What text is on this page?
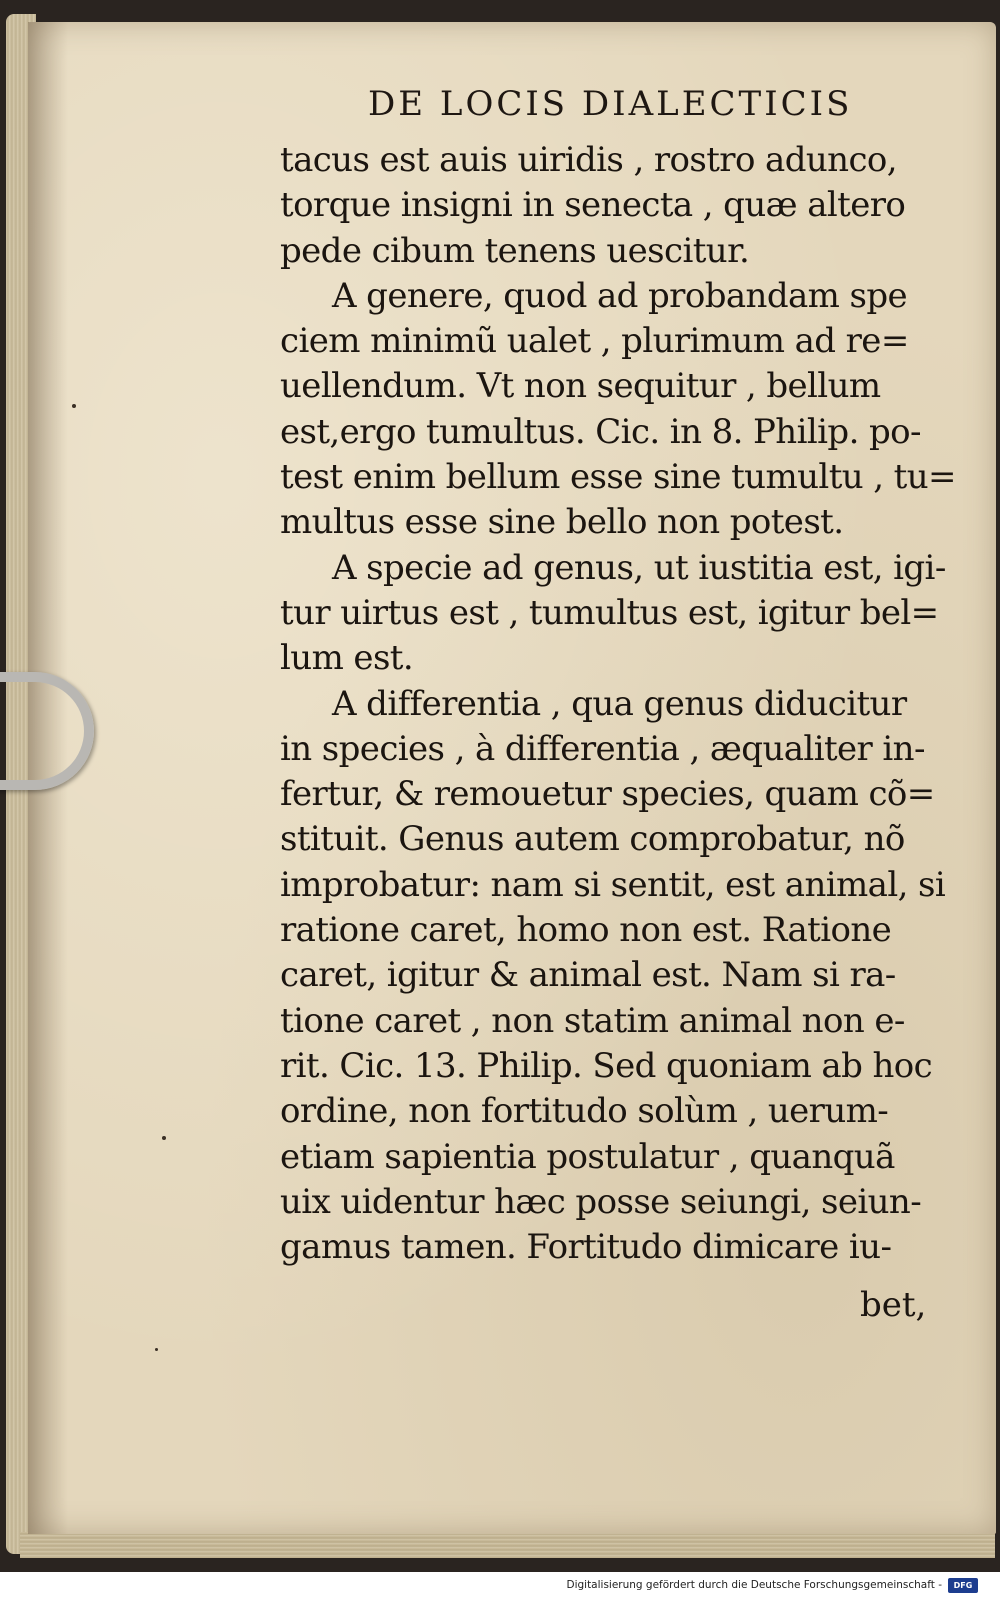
DE LOCIS DIALECTICIS
tacus est auis uiridis , rostro adunco,
torque insigni in senecta , quæ altero
pede cibum tenens uescitur.
A genere, quod ad probandam spe
ciem minimũ ualet , plurimum ad re=
uellendum. Vt non sequitur , bellum
est,ergo tumultus. Cic. in 8. Philip. po-
test enim bellum esse sine tumultu , tu=
multus esse sine bello non potest.
A specie ad genus, ut iustitia est, igi-
tur uirtus est , tumultus est, igitur bel=
lum est.
A differentia , qua genus diducitur
in species , à differentia , æqualiter in-
fertur, & remouetur species, quam cõ=
stituit. Genus autem comprobatur, nõ
improbatur: nam si sentit, est animal, si
ratione caret, homo non est. Ratione
caret, igitur & animal est. Nam si ra-
tione caret , non statim animal non e-
rit. Cic. 13. Philip. Sed quoniam ab hoc
ordine, non fortitudo solùm , uerum-
etiam sapientia postulatur , quanquã
uix uidentur hæc posse seiungi, seiun-
gamus tamen. Fortitudo dimicare iu-
bet,
Digitalisierung gefördert durch die Deutsche Forschungsgemeinschaft -	DFG
